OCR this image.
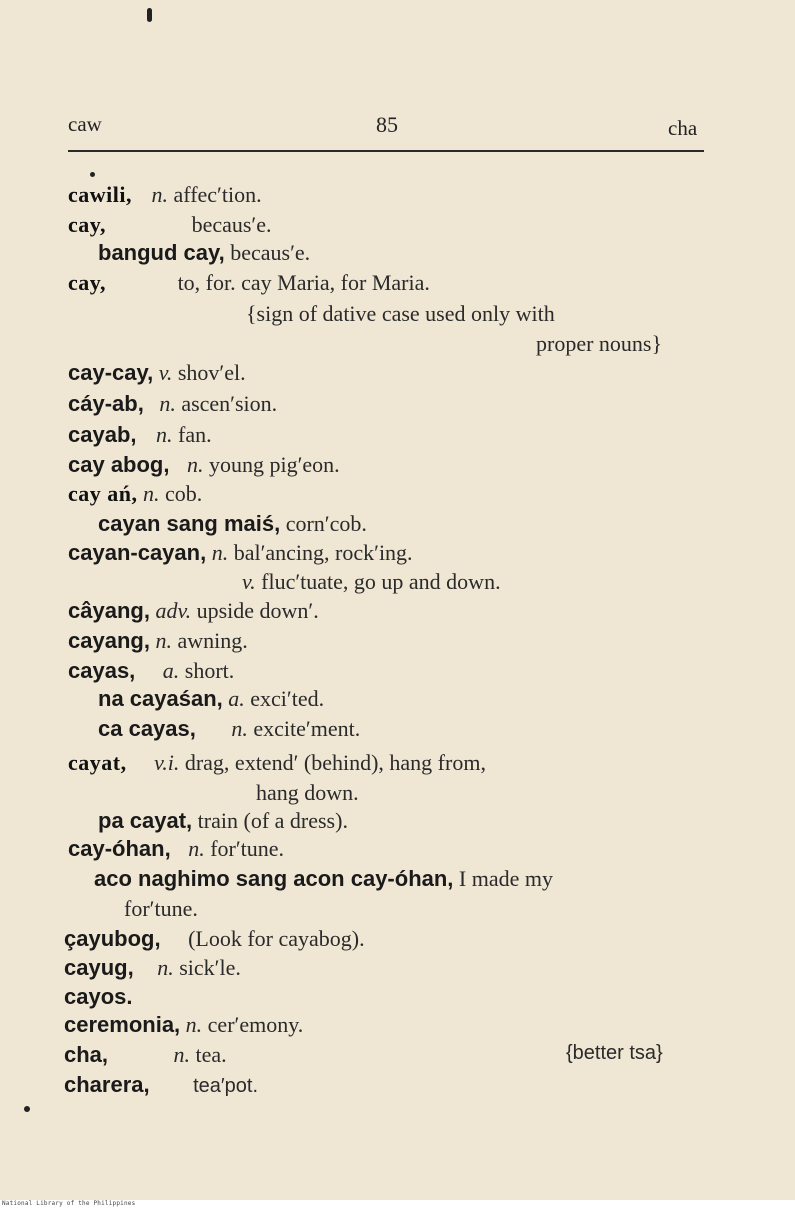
caw	85	cha
cawili, n. affec′tion.
cay,	becaus′e.
bangud cay, becaus′e.
cay,	to, for. cay Maria, for Maria.
{sign of dative case used only with
proper nouns}
cay-cay, v. shov′el.
cáy-ab, n. ascen′sion.
cayab, n. fan.
cay abog, n. young pig′eon.
cay ań, n. cob.
cayan sang maiś, corn′cob.
cayan-cayan, n. bal′ancing, rock′ing.
v. fluc′tuate, go up and down.
câyang, adv. upside down′.
cayang, n. awning.
cayas, a. short.
na cayaśan, a. exci′ted.
ca cayas, n. excite′ment.
cayat, v.i. drag, extend′ (behind), hang from,
hang down.
pa cayat, train (of a dress).
cay-óhan, n. for′tune.
aco naghimo sang acon cay-óhan, I made my
for′tune.
çayubog, (Look for cayabog).
cayug, n. sick′le.
cayos.
ceremonia, n. cer′emony.
cha,	n. tea.	{better tsa}
charera, tea′pot.
National Library of the Philippines
